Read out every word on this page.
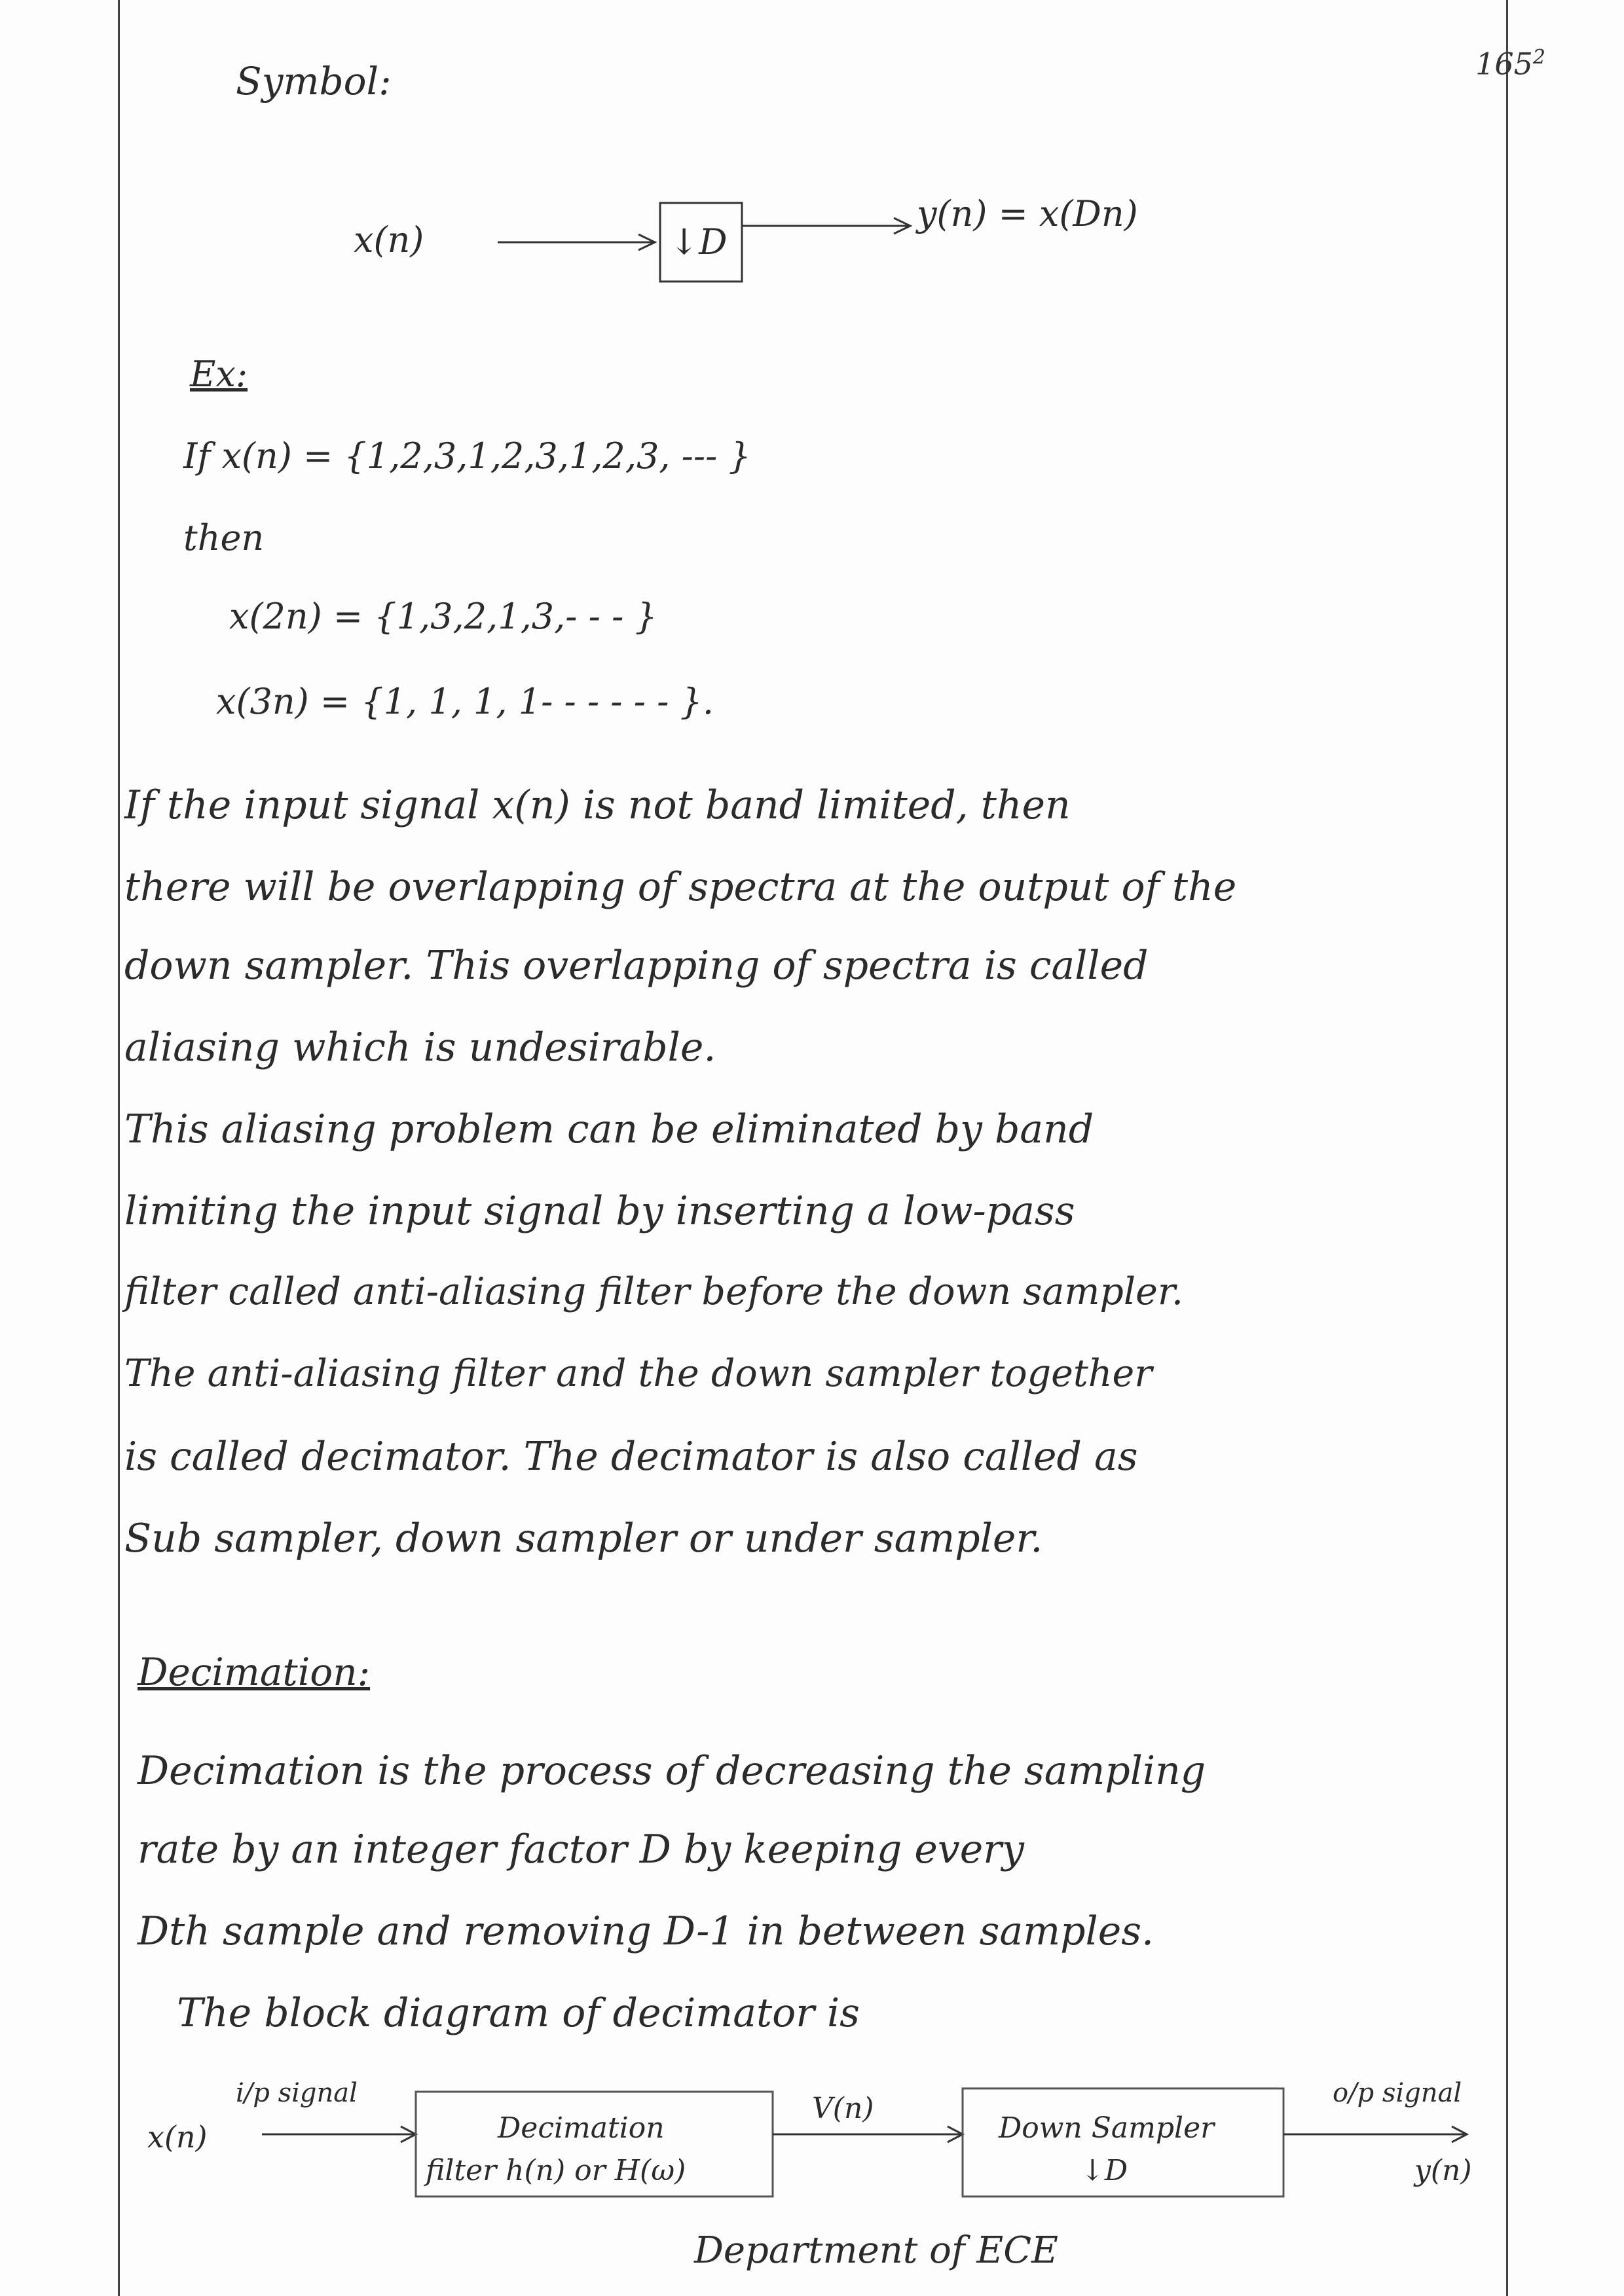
$165^2$
Symbol:
x(n)	↓D
y(n) = x(Dn)
Ex:
If x(n) = {1,2,3,1,2,3,1,2,3, --- }
then
x(2n) = {1,3,2,1,3,- - - }
x(3n) = {1, 1, 1, 1- - - - - - }.
If the input signal x(n) is not band limited, then
there will be overlapping of spectra at the output of the
down sampler. This overlapping of spectra is called
aliasing which is undesirable.
This aliasing problem can be eliminated by band
limiting the input signal by inserting a low-pass
filter called anti-aliasing filter before the down sampler.
The anti-aliasing filter and the down sampler together
is called decimator. The decimator is also called as
Sub sampler, down sampler or under sampler.
Decimation:
Decimation is the process of decreasing the sampling
rate by an integer factor D by keeping every
Dth sample and removing D-1 in between samples.
The block diagram of decimator is
i/p signal
x(n)	Decimation
filter h(n) or H(ω)
V(n)
Down Sampler
↓D
o/p signal
y(n)
Department of ECE
